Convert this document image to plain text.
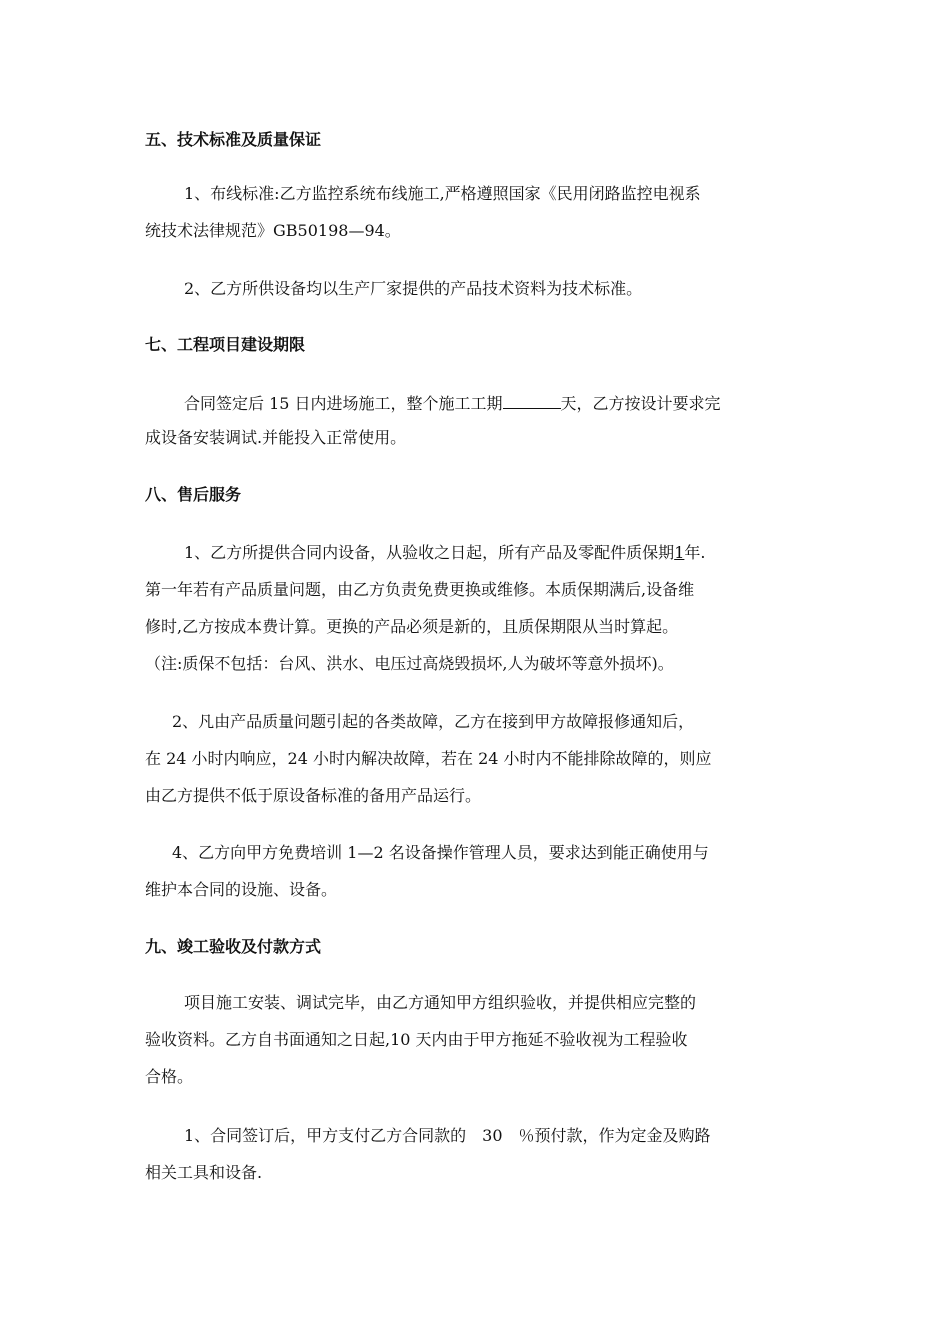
五、技术标准及质量保证
1、布线标准:乙方监控系统布线施工,严格遵照国家《民用闭路监控电视系
统技术法律规范》GB50198—94。
2、乙方所供设备均以生产厂家提供的产品技术资料为技术标准。
七、工程项目建设期限
合同签定后 15 日内进场施工，整个施工工期	天，乙方按设计要求完
成设备安装调试.并能投入正常使用。
八、售后服务
1、乙方所提供合同内设备，从验收之日起，所有产品及零配件质保期1年.
第一年若有产品质量问题，由乙方负责免费更换或维修。本质保期满后,设备维
修时,乙方按成本费计算。更换的产品必须是新的，且质保期限从当时算起。
（注:质保不包括：台风、洪水、电压过高烧毁损坏,人为破坏等意外损坏)。
2、凡由产品质量问题引起的各类故障，乙方在接到甲方故障报修通知后，
在 24 小时内响应，24 小时内解决故障，若在 24 小时内不能排除故障的，则应
由乙方提供不低于原设备标准的备用产品运行。
4、乙方向甲方免费培训 1—2 名设备操作管理人员，要求达到能正确使用与
维护本合同的设施、设备。
九、竣工验收及付款方式
项目施工安装、调试完毕，由乙方通知甲方组织验收，并提供相应完整的
验收资料。乙方自书面通知之日起,10 天内由于甲方拖延不验收视为工程验收
合格。
1、合同签订后，甲方支付乙方合同款的　30　％预付款，作为定金及购路
相关工具和设备.
